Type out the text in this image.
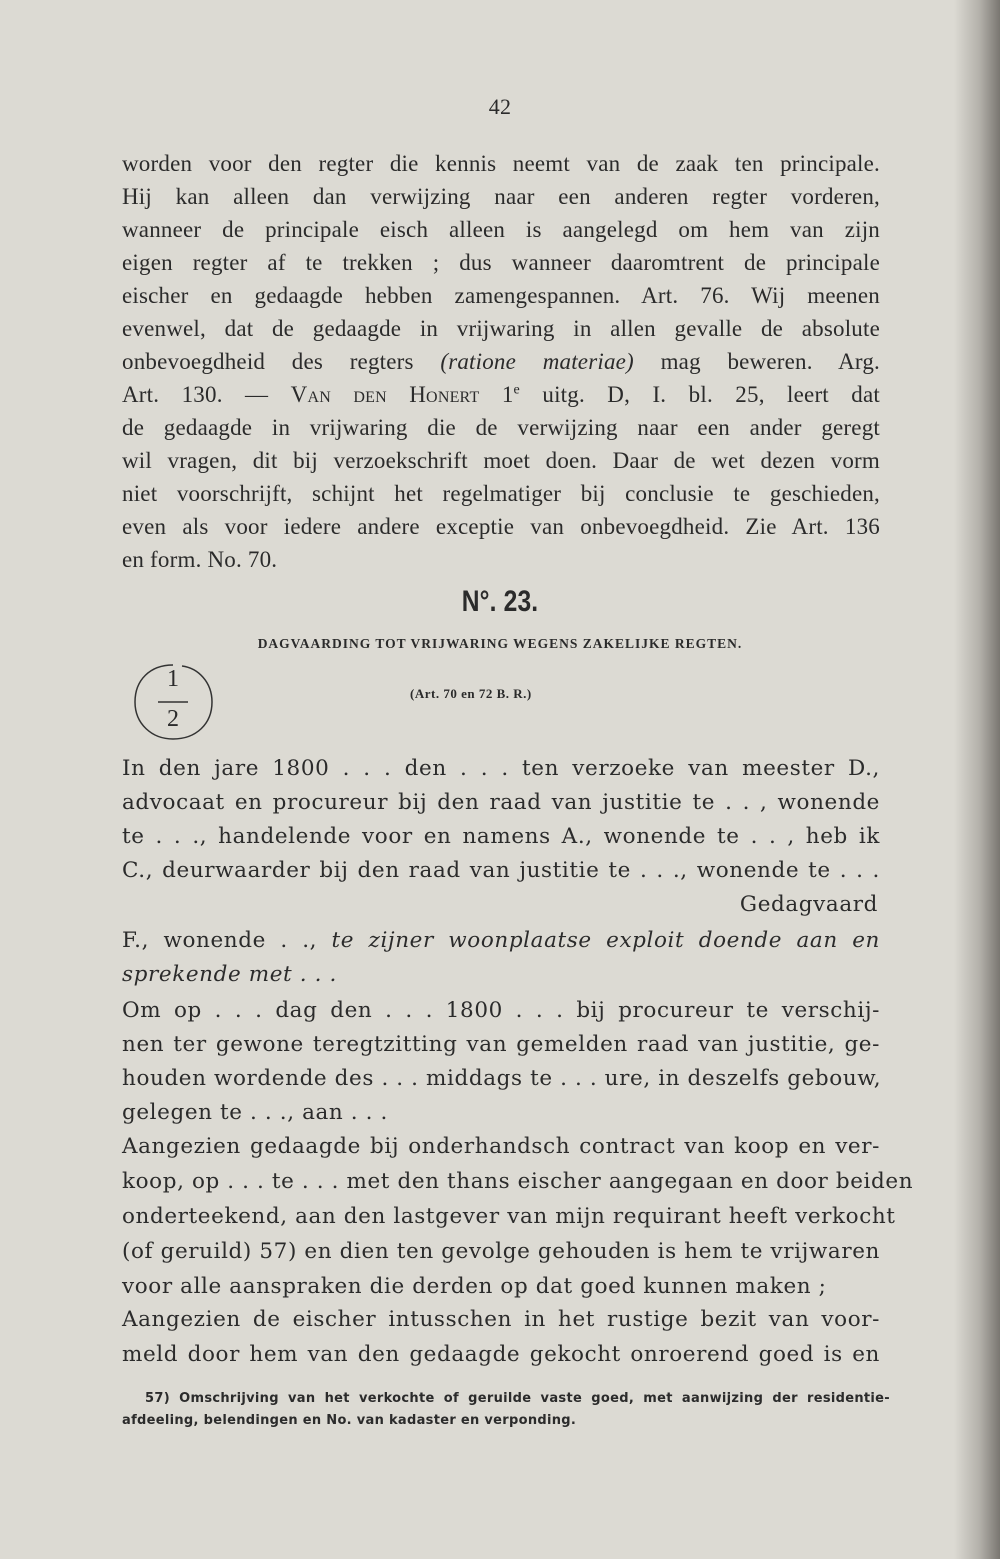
42
worden voor den regter die kennis neemt van de zaak ten principale.
Hij kan alleen dan verwijzing naar een anderen regter vorderen,
wanneer de principale eisch alleen is aangelegd om hem van zijn
eigen regter af te trekken ; dus wanneer daaromtrent de principale
eischer en gedaagde hebben zamengespannen. Art. 76. Wij meenen
evenwel, dat de gedaagde in vrijwaring in allen gevalle de absolute
onbevoegdheid des regters (ratione materiae) mag beweren. Arg.
Art. 130. — Van den Honert 1e uitg. D, I. bl. 25, leert dat
de gedaagde in vrijwaring die de verwijzing naar een ander geregt
wil vragen, dit bij verzoekschrift moet doen. Daar de wet dezen vorm
niet voorschrijft, schijnt het regelmatiger bij conclusie te geschieden,
even als voor iedere andere exceptie van onbevoegdheid. Zie Art. 136
en form. No. 70.
N°. 23.
DAGVAARDING TOT VRIJWARING WEGENS ZAKELIJKE REGTEN.
1
2
(Art. 70 en 72 B. R.)
In den jare 1800 . . . den . . . ten verzoeke van meester D.,
advocaat en procureur bij den raad van justitie te . . , wonende
te . . ., handelende voor en namens A., wonende te . . , heb ik
C., deurwaarder bij den raad van justitie te . . ., wonende te . . .
Gedagvaard
F., wonende . ., te zijner woonplaatse exploit doende aan en
sprekende met . . .
Om op . . . dag den . . . 1800 . . . bij procureur te verschij-
nen ter gewone teregtzitting van gemelden raad van justitie, ge-
houden wordende des . . . middags te . . . ure, in deszelfs gebouw,
gelegen te . . ., aan . . .
Aangezien gedaagde bij onderhandsch contract van koop en ver-
koop, op . . . te . . . met den thans eischer aangegaan en door beiden
onderteekend, aan den lastgever van mijn requirant heeft verkocht
(of geruild) 57) en dien ten gevolge gehouden is hem te vrijwaren
voor alle aanspraken die derden op dat goed kunnen maken ;
Aangezien de eischer intusschen in het rustige bezit van voor-
meld door hem van den gedaagde gekocht onroerend goed is en
57) Omschrijving van het verkochte of geruilde vaste goed, met aanwijzing der residentie-
afdeeling, belendingen en No. van kadaster en verponding.
